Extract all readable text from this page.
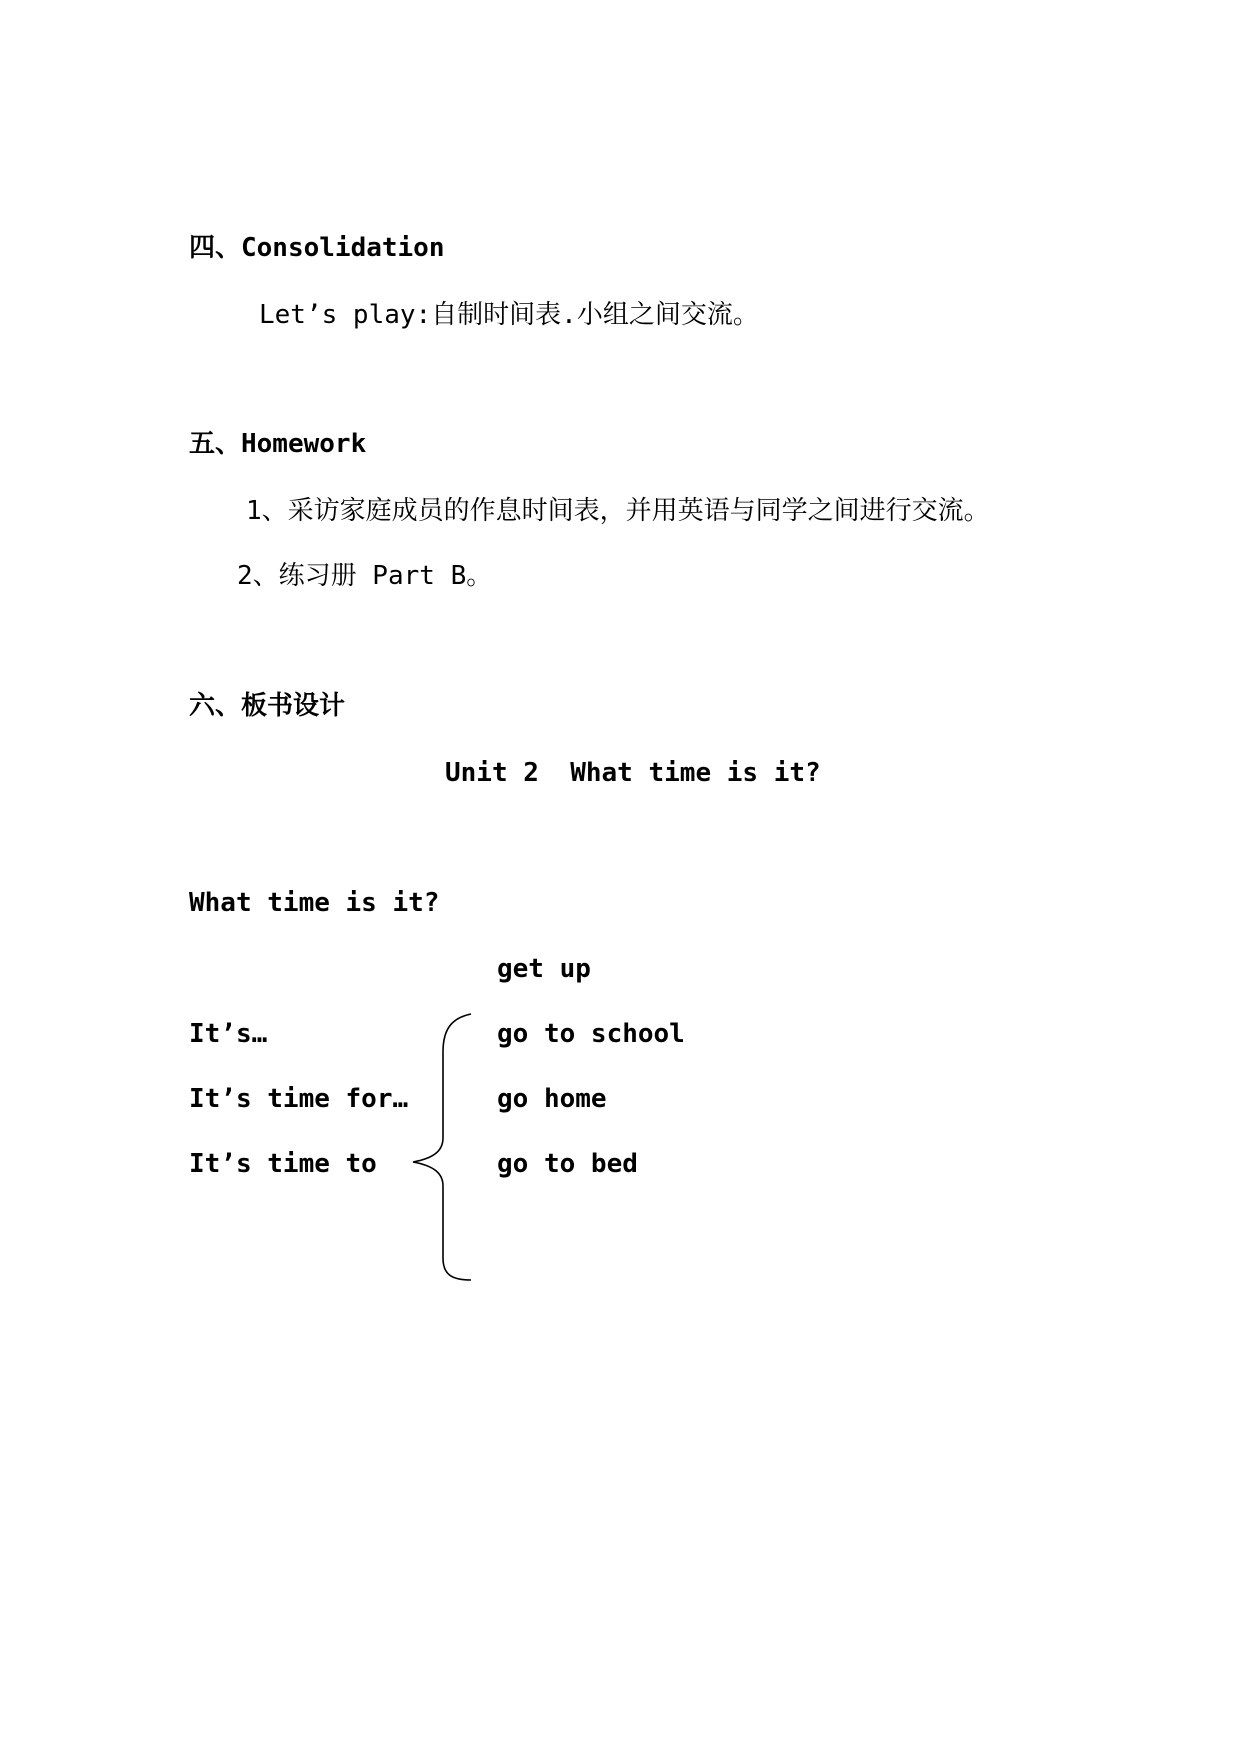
四、Consolidation
Let’s play:自制时间表.小组之间交流。
五、Homework
1、采访家庭成员的作息时间表，并用英语与同学之间进行交流。
2、练习册 Part B。
六、板书设计
Unit 2  What time is it?
What time is it?
It’s…
It’s time for…
It’s time to
get up
go to school
go home
go to bed
